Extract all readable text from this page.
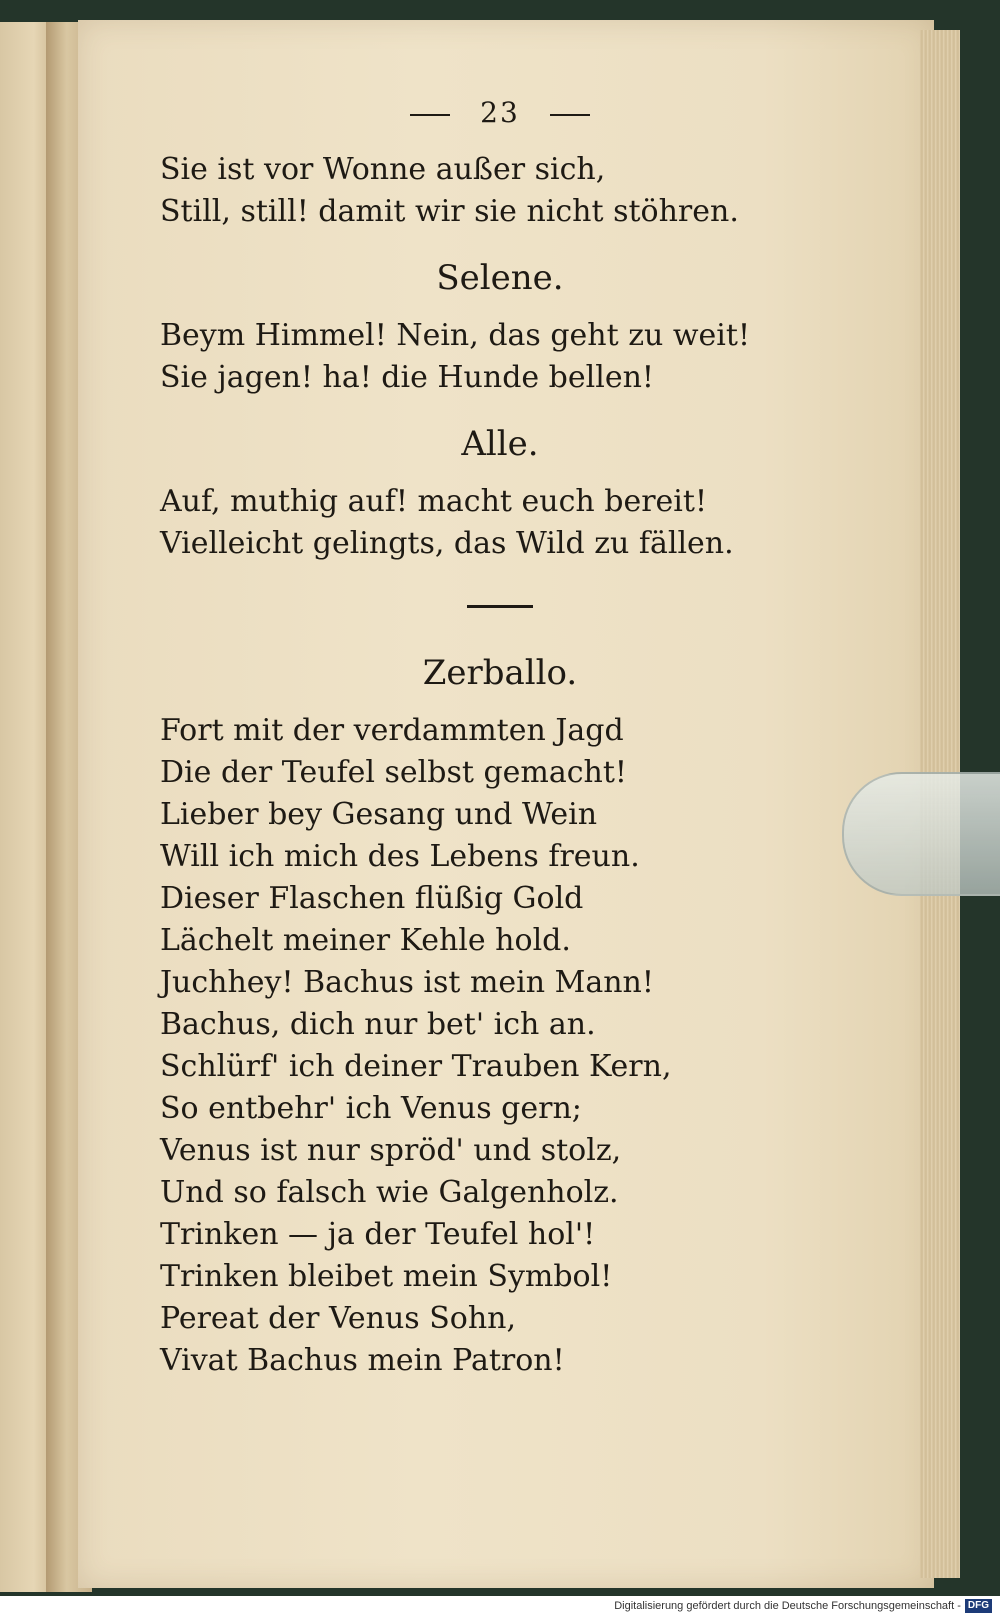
23
Sie ist vor Wonne außer sich,
Still, still! damit wir sie nicht stöhren.
Selene.
Beym Himmel! Nein, das geht zu weit!
Sie jagen! ha! die Hunde bellen!
Alle.
Auf, muthig auf! macht euch bereit!
Vielleicht gelingts, das Wild zu fällen.
Zerballo.
Fort mit der verdammten Jagd
Die der Teufel selbst gemacht!
Lieber bey Gesang und Wein
Will ich mich des Lebens freun.
Dieser Flaschen flüßig Gold
Lächelt meiner Kehle hold.
Juchhey! Bachus ist mein Mann!
Bachus, dich nur bet' ich an.
Schlürf' ich deiner Trauben Kern,
So entbehr' ich Venus gern;
Venus ist nur spröd' und stolz,
Und so falsch wie Galgenholz.
Trinken — ja der Teufel hol'!
Trinken bleibet mein Symbol!
Pereat der Venus Sohn,
Vivat Bachus mein Patron!
Digitalisierung gefördert durch die Deutsche Forschungsgemeinschaft - DFG
